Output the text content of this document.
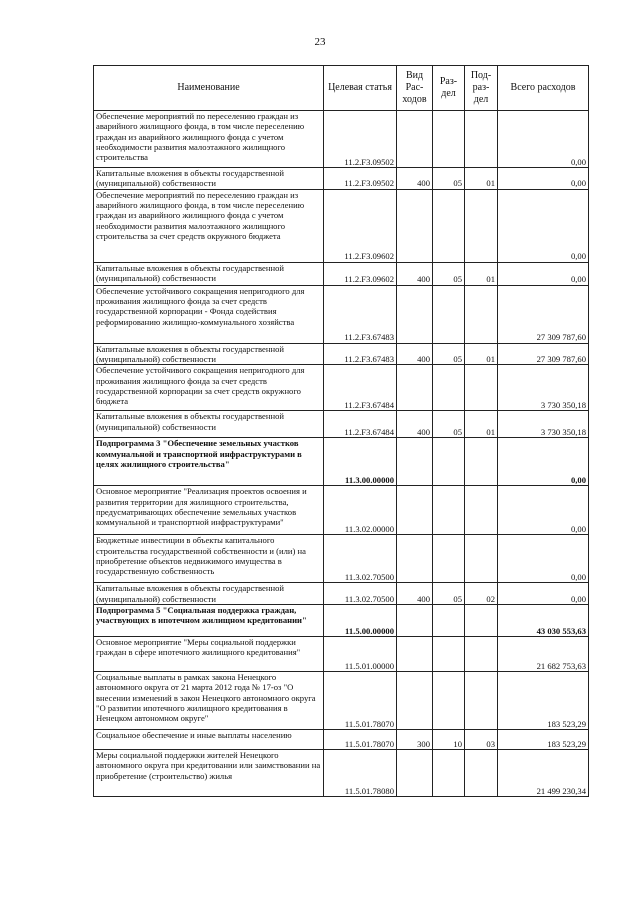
23
Наименование	Целевая статья	Вид Рас-ходов	Раз-дел	Под-раз-дел	Всего расходов
Обеспечение мероприятий по переселению граждан из аварийного жилищного фонда, в том числе переселению граждан из аварийного жилищного фонда с учетом необходимости развития малоэтажного жилищного строительства	11.2.F3.09502				0,00
Капитальные вложения в объекты государственной (муниципальной) собственности	11.2.F3.09502	400	05	01	0,00
Обеспечение мероприятий по переселению граждан из аварийного жилищного фонда, в том числе переселению граждан из аварийного жилищного фонда с учетом необходимости развития малоэтажного жилищного строительства за счет средств окружного бюджета	11.2.F3.09602				0,00
Капитальные вложения в объекты государственной (муниципальной) собственности	11.2.F3.09602	400	05	01	0,00
Обеспечение устойчивого сокращения непригодного для проживания жилищного фонда за счет средств государственной корпорации - Фонда содействия реформированию жилищно-коммунального хозяйства	11.2.F3.67483				27 309 787,60
Капитальные вложения в объекты государственной (муниципальной) собственности	11.2.F3.67483	400	05	01	27 309 787,60
Обеспечение устойчивого сокращения непригодного для проживания жилищного фонда за счет средств государственной корпорации за счет средств окружного бюджета	11.2.F3.67484				3 730 350,18
Капитальные вложения в объекты государственной (муниципальной) собственности	11.2.F3.67484	400	05	01	3 730 350,18
Подпрограмма 3 "Обеспечение земельных участков коммунальной и транспортной инфраструктурами в целях жилищного строительства"	11.3.00.00000				0,00
Основное мероприятие "Реализация проектов освоения и развития территории для жилищного строительства, предусматривающих обеспечение земельных участков коммунальной и транспортной инфраструктурами"	11.3.02.00000				0,00
Бюджетные инвестиции в объекты капитального строительства государственной собственности и (или) на приобретение объектов недвижимого имущества в государственную собственность	11.3.02.70500				0,00
Капитальные вложения в объекты государственной (муниципальной) собственности	11.3.02.70500	400	05	02	0,00
Подпрограмма 5 "Социальная поддержка граждан, участвующих в ипотечном жилищном кредитовании"	11.5.00.00000				43 030 553,63
Основное мероприятие "Меры социальной поддержки граждан в сфере ипотечного жилищного кредитования"	11.5.01.00000				21 682 753,63
Социальные выплаты в рамках закона Ненецкого автономного округа от 21 марта 2012 года № 17-оз "О внесении изменений в закон Ненецкого автономного округа "О развитии ипотечного жилищного кредитования в Ненецком автономном округе"	11.5.01.78070				183 523,29
Социальное обеспечение и иные выплаты населению	11.5.01.78070	300	10	03	183 523,29
Меры социальной поддержки жителей Ненецкого автономного округа при кредитовании или заимствовании на приобретение (строительство) жилья	11.5.01.78080				21 499 230,34
